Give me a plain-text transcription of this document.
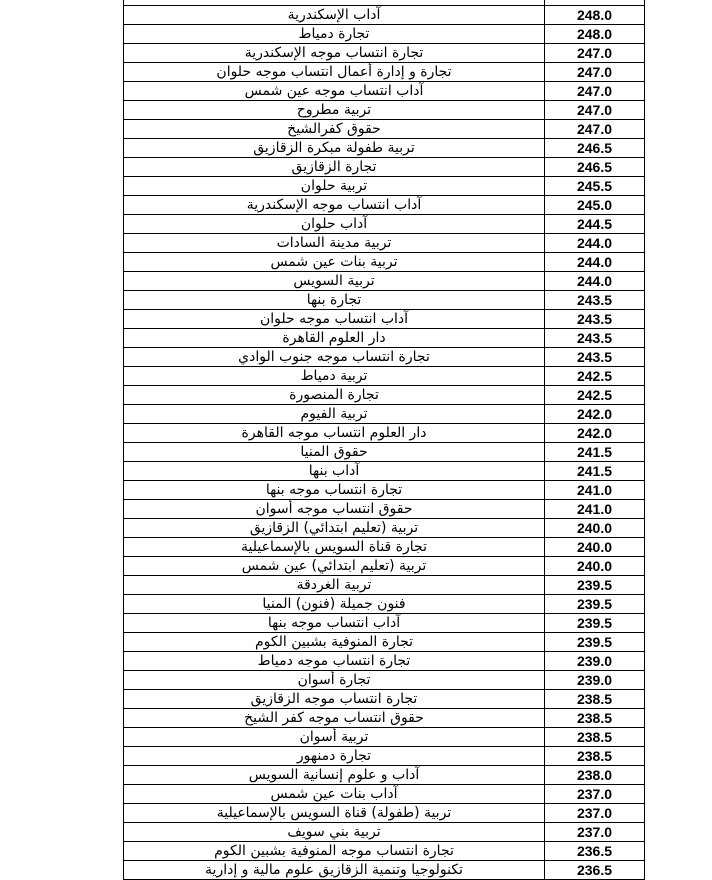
آداب الإسكندرية	248.0
تجارة دمياط	248.0
تجارة انتساب موجه الإسكندرية	247.0
تجارة و إدارة أعمال انتساب موجه حلوان	247.0
آداب انتساب موجه عين شمس	247.0
تربية مطروح	247.0
حقوق كفرالشيخ	247.0
تربية طفولة مبكرة الزقازيق	246.5
تجارة الزقازيق	246.5
تربية حلوان	245.5
آداب انتساب موجه الإسكندرية	245.0
آداب حلوان	244.5
تربية مدينة السادات	244.0
تربية بنات عين شمس	244.0
تربية السويس	244.0
تجارة بنها	243.5
آداب انتساب موجه حلوان	243.5
دار العلوم القاهرة	243.5
تجارة انتساب موجه جنوب الوادي	243.5
تربية دمياط	242.5
تجارة المنصورة	242.5
تربية الفيوم	242.0
دار العلوم انتساب موجه القاهرة	242.0
حقوق المنيا	241.5
آداب بنها	241.5
تجارة انتساب موجه بنها	241.0
حقوق انتساب موجه أسوان	241.0
تربية (تعليم ابتدائي) الزقازيق	240.0
تجارة قناة السويس بالإسماعيلية	240.0
تربية (تعليم ابتدائي) عين شمس	240.0
تربية الغردقة	239.5
فنون جميلة (فنون) المنيا	239.5
آداب انتساب موجه بنها	239.5
تجارة المنوفية بشبين الكوم	239.5
تجارة انتساب موجه دمياط	239.0
تجارة أسوان	239.0
تجارة انتساب موجه الزقازيق	238.5
حقوق انتساب موجه كفر الشيخ	238.5
تربية أسوان	238.5
تجارة دمنهور	238.5
آداب و علوم إنسانية السويس	238.0
آداب بنات عين شمس	237.0
تربية (طفولة) قناة السويس بالإسماعيلية	237.0
تربية بني سويف	237.0
تجارة انتساب موجه المنوفية بشبين الكوم	236.5
تكنولوجيا وتنمية الزقازيق علوم مالية و إدارية	236.5
